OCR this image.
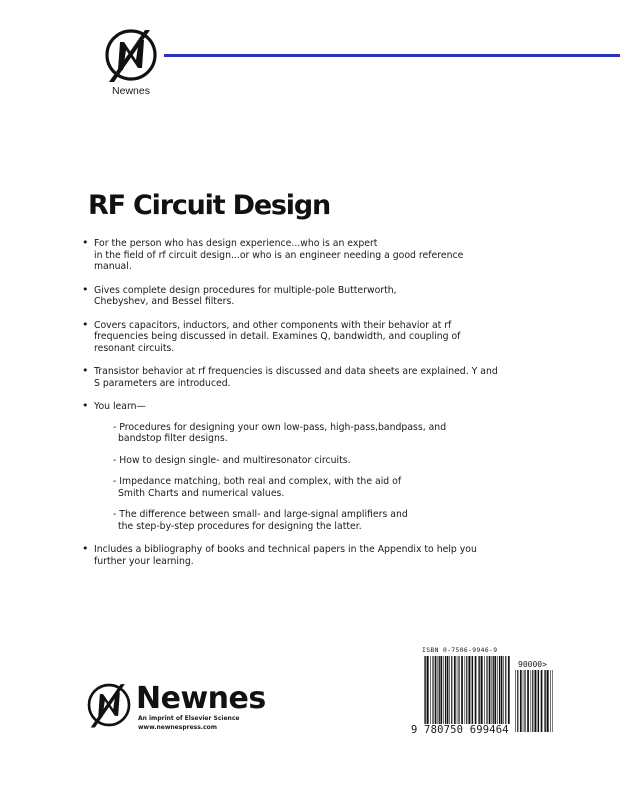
Newnes
RF Circuit Design

• For the person who has design experience...who is an expert
in the field of rf circuit design...or who is an engineer needing a good reference
manual.

• Gives complete design procedures for multiple-pole Butterworth,
Chebyshev, and Bessel filters.

• Covers capacitors, inductors, and other components with their behavior at rf
frequencies being discussed in detail. Examines Q, bandwidth, and coupling of
resonant circuits.

• Transistor behavior at rf frequencies is discussed and data sheets are explained. Y and
S parameters are introduced.

• You learn—

- Procedures for designing your own low-pass, high-pass,bandpass, and
bandstop filter designs.
- How to design single- and multiresonator circuits.
- Impedance matching, both real and complex, with the aid of
Smith Charts and numerical values.
- The difference between small- and large-signal amplifiers and
the step-by-step procedures for designing the latter.

• Includes a bibliography of books and technical papers in the Appendix to help you
further your learning.

Newnes
An imprint of Elsevier Science
www.newnespress.com
ISBN 0-7506-9946-9
9 780750 699464
90000>
